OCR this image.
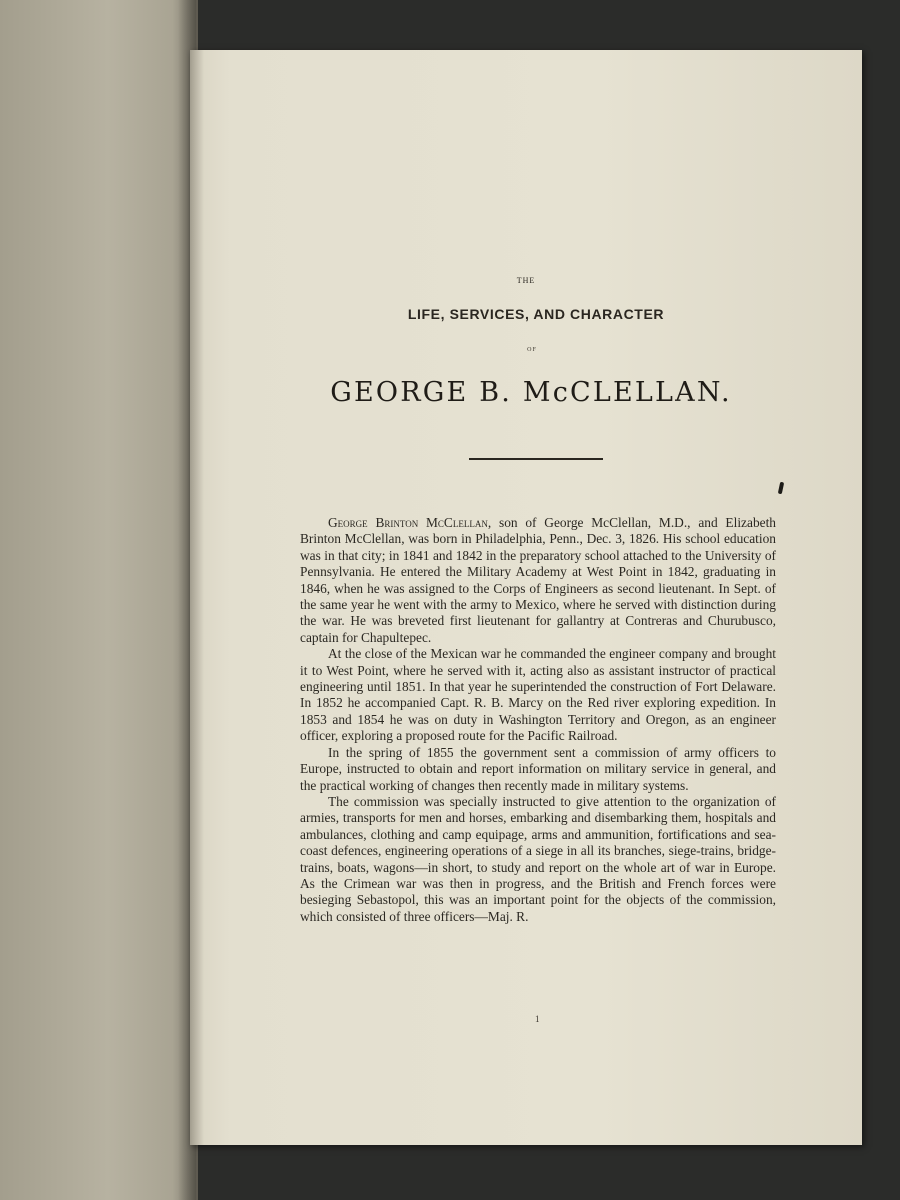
THE
LIFE, SERVICES, AND CHARACTER
OF
GEORGE B. McCLELLAN.

George Brinton McClellan, son of George McClellan, M.D., and Elizabeth Brinton McClellan, was born in Philadelphia, Penn., Dec. 3, 1826. His school education was in that city; in 1841 and 1842 in the preparatory school attached to the University of Pennsylvania. He entered the Military Academy at West Point in 1842, graduating in 1846, when he was assigned to the Corps of Engineers as second lieutenant. In Sept. of the same year he went with the army to Mexico, where he served with distinction during the war. He was breveted first lieutenant for gallantry at Contreras and Churubusco, captain for Chapultepec.

At the close of the Mexican war he commanded the engineer company and brought it to West Point, where he served with it, acting also as assistant instructor of practical engineering until 1851. In that year he superintended the construction of Fort Delaware. In 1852 he accompanied Capt. R. B. Marcy on the Red river exploring expedition. In 1853 and 1854 he was on duty in Washington Territory and Oregon, as an engineer officer, exploring a proposed route for the Pacific Railroad.

In the spring of 1855 the government sent a commission of army officers to Europe, instructed to obtain and report information on military service in general, and the practical working of changes then recently made in military systems.

The commission was specially instructed to give attention to the organization of armies, transports for men and horses, embarking and disembarking them, hospitals and ambulances, clothing and camp equipage, arms and ammunition, fortifications and sea-coast defences, engineering operations of a siege in all its branches, siege-trains, bridge-trains, boats, wagons—in short, to study and report on the whole art of war in Europe. As the Crimean war was then in progress, and the British and French forces were besieging Sebastopol, this was an important point for the objects of the commission, which consisted of three officers—Maj. R.

1
